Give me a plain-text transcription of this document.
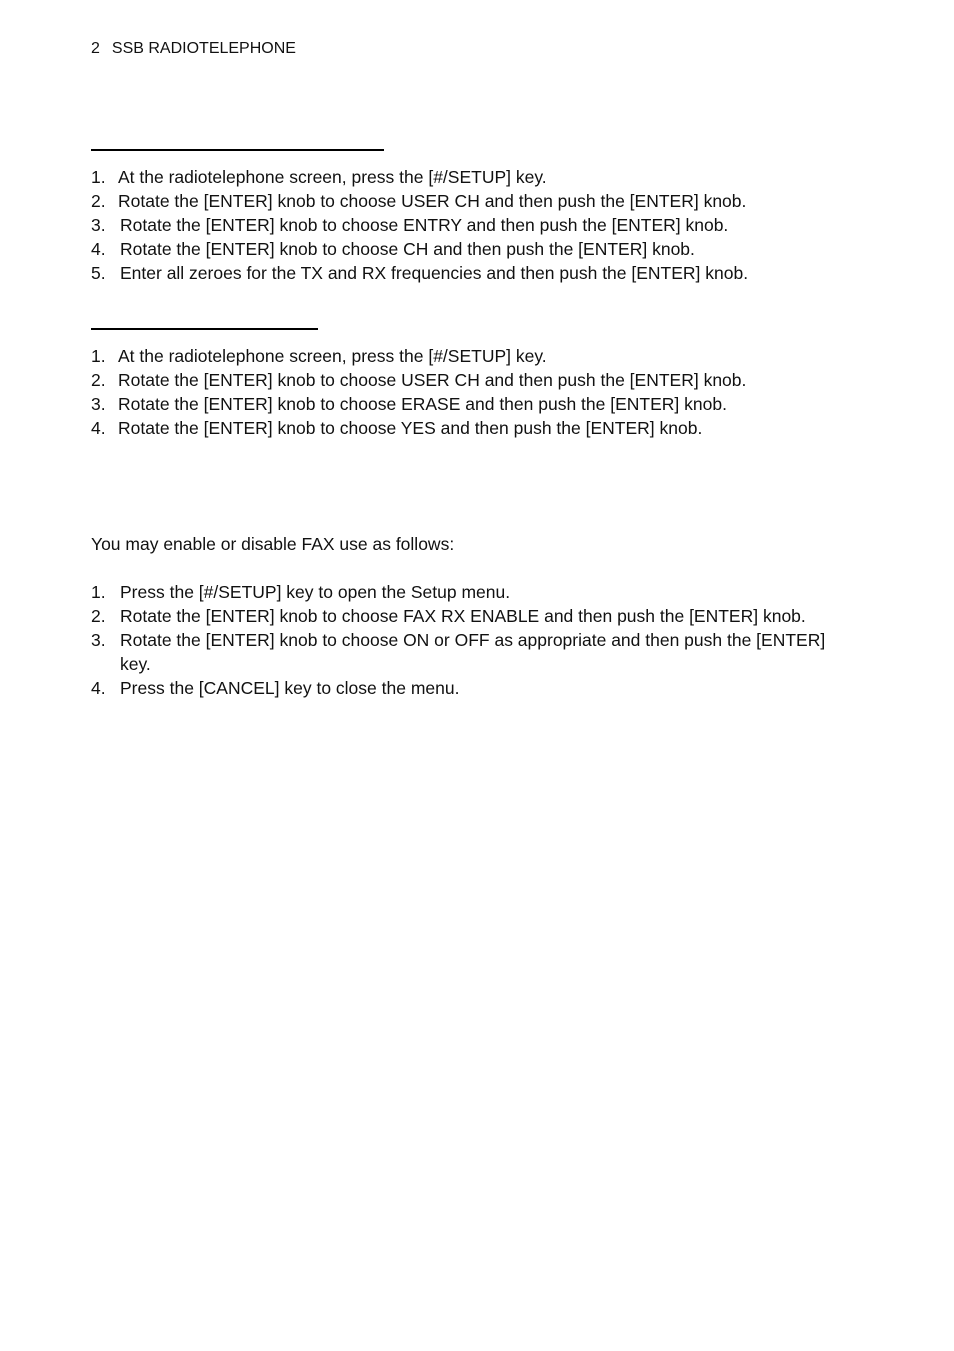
2 SSB RADIOTELEPHONE
1. At the radiotelephone screen, press the [#/SETUP] key.
2. Rotate the [ENTER] knob to choose USER CH and then push the [ENTER] knob.
3. Rotate the [ENTER] knob to choose ENTRY and then push the [ENTER] knob.
4. Rotate the [ENTER] knob to choose CH and then push the [ENTER] knob.
5. Enter all zeroes for the TX and RX frequencies and then push the [ENTER] knob.
1. At the radiotelephone screen, press the [#/SETUP] key.
2. Rotate the [ENTER] knob to choose USER CH and then push the [ENTER] knob.
3. Rotate the [ENTER] knob to choose ERASE and then push the [ENTER] knob.
4. Rotate the [ENTER] knob to choose YES and then push the [ENTER] knob.

You may enable or disable FAX use as follows:

1. Press the [#/SETUP] key to open the Setup menu.
2. Rotate the [ENTER] knob to choose FAX RX ENABLE and then push the [ENTER] knob.
3. Rotate the [ENTER] knob to choose ON or OFF as appropriate and then push the [ENTER] key.
4. Press the [CANCEL] key to close the menu.
